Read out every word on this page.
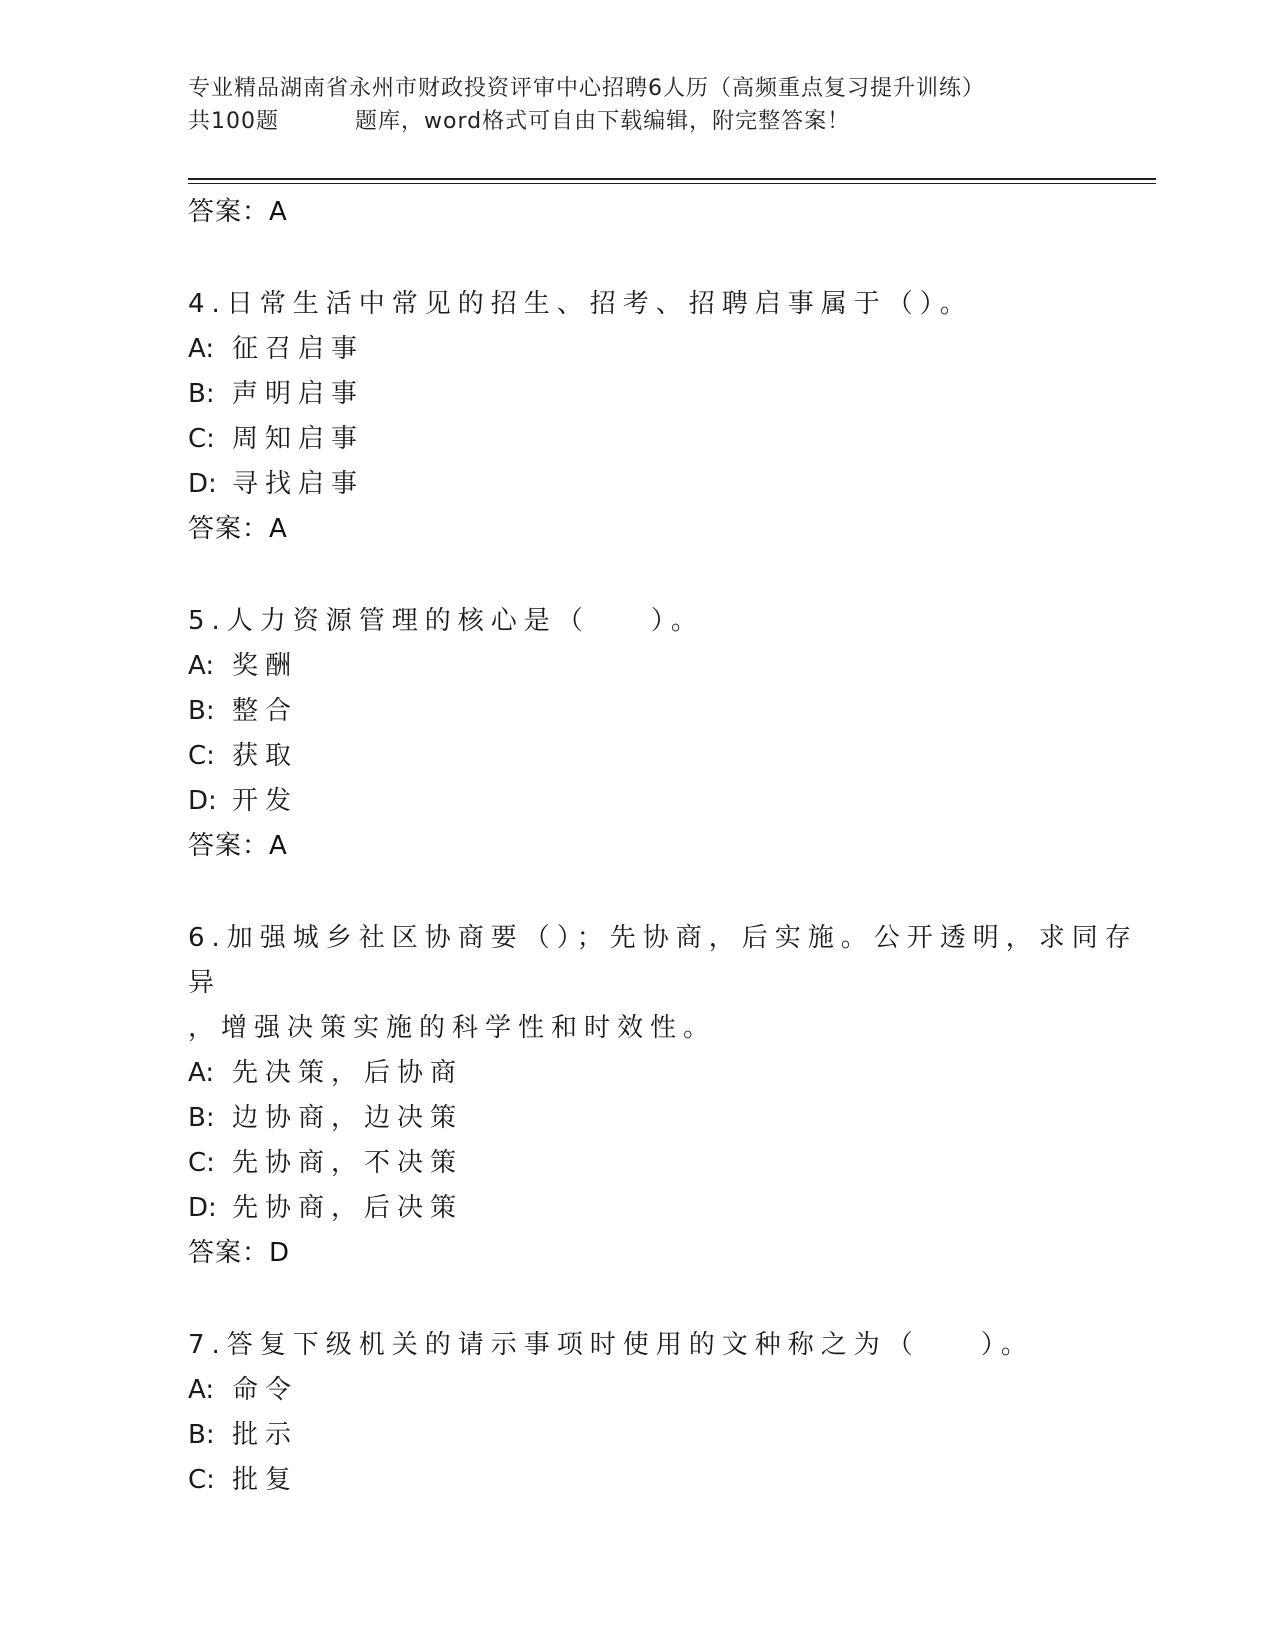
专业精品湖南省永州市财政投资评审中心招聘6人历（高频重点复习提升训练）
共100题	题库，word格式可自由下载编辑，附完整答案！
答案：A
4.日常生活中常见的招生、招考、招聘启事属于（）。
A: 征召启事
B: 声明启事
C: 周知启事
D: 寻找启事
答案：A
5.人力资源管理的核心是（    ）。
A: 奖酬
B: 整合
C: 获取
D: 开发
答案：A
6.加强城乡社区协商要（）；先协商，后实施。公开透明，求同存异
，增强决策实施的科学性和时效性。
A: 先决策，后协商
B: 边协商，边决策
C: 先协商，不决策
D: 先协商，后决策
答案：D
7.答复下级机关的请示事项时使用的文种称之为（    ）。
A: 命令
B: 批示
C: 批复
